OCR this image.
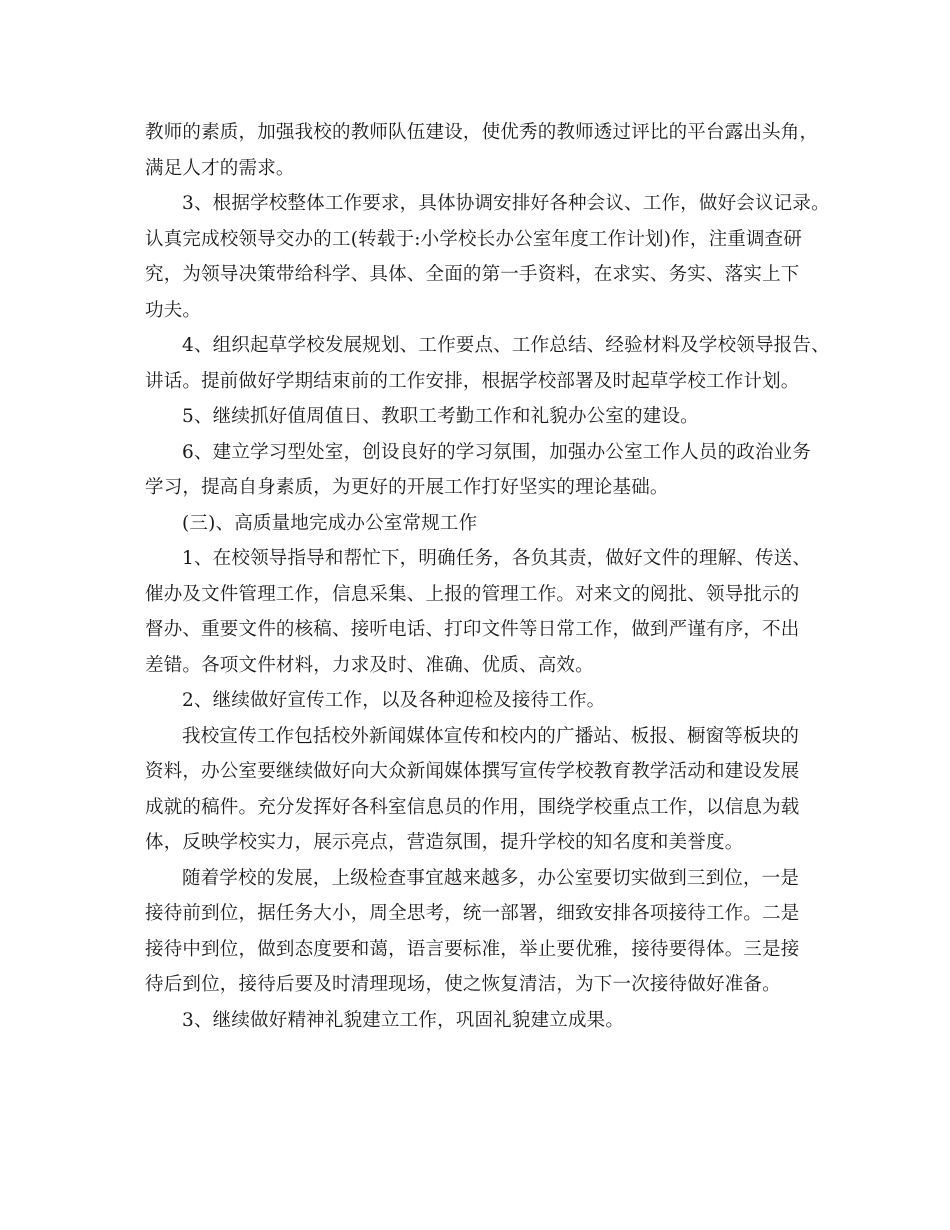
教师的素质，加强我校的教师队伍建设，使优秀的教师透过评比的平台露出头角，
满足人才的需求。
3、根据学校整体工作要求，具体协调安排好各种会议、工作，做好会议记录。
认真完成校领导交办的工(转载于:小学校长办公室年度工作计划)作，注重调查研
究，为领导决策带给科学、具体、全面的第一手资料，在求实、务实、落实上下
功夫。
4、组织起草学校发展规划、工作要点、工作总结、经验材料及学校领导报告、
讲话。提前做好学期结束前的工作安排，根据学校部署及时起草学校工作计划。
5、继续抓好值周值日、教职工考勤工作和礼貌办公室的建设。
6、建立学习型处室，创设良好的学习氛围，加强办公室工作人员的政治业务
学习，提高自身素质，为更好的开展工作打好坚实的理论基础。
(三)、高质量地完成办公室常规工作
1、在校领导指导和帮忙下，明确任务，各负其责，做好文件的理解、传送、
催办及文件管理工作，信息采集、上报的管理工作。对来文的阅批、领导批示的
督办、重要文件的核稿、接听电话、打印文件等日常工作，做到严谨有序，不出
差错。各项文件材料，力求及时、准确、优质、高效。
2、继续做好宣传工作，以及各种迎检及接待工作。
我校宣传工作包括校外新闻媒体宣传和校内的广播站、板报、橱窗等板块的
资料，办公室要继续做好向大众新闻媒体撰写宣传学校教育教学活动和建设发展
成就的稿件。充分发挥好各科室信息员的作用，围绕学校重点工作，以信息为载
体，反映学校实力，展示亮点，营造氛围，提升学校的知名度和美誉度。
随着学校的发展，上级检查事宜越来越多，办公室要切实做到三到位，一是
接待前到位，据任务大小，周全思考，统一部署，细致安排各项接待工作。二是
接待中到位，做到态度要和蔼，语言要标准，举止要优雅，接待要得体。三是接
待后到位，接待后要及时清理现场，使之恢复清洁，为下一次接待做好准备。
3、继续做好精神礼貌建立工作，巩固礼貌建立成果。
